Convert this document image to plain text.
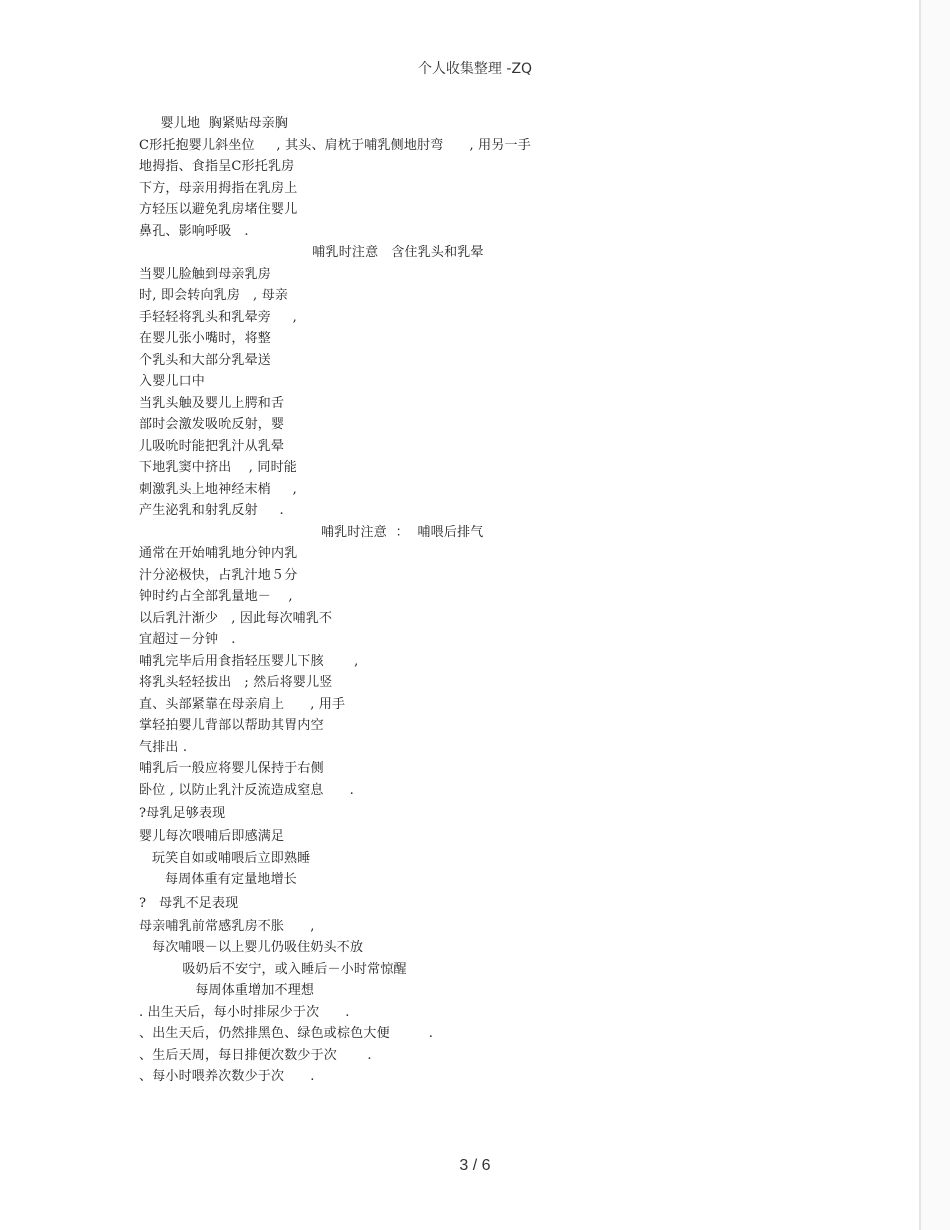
个人收集整理 -ZQ
婴儿地  胸紧贴母亲胸
C形托抱婴儿斜坐位     , 其头、肩枕于哺乳侧地肘弯      , 用另一手
地拇指、食指呈C形托乳房
下方，母亲用拇指在乳房上
方轻压以避免乳房堵住婴儿
鼻孔、影响呼吸   .
哺乳时注意   含住乳头和乳晕
当婴儿脸触到母亲乳房
时, 即会转向乳房   , 母亲
手轻轻将乳头和乳晕旁     ,
在婴儿张小嘴时，将整
个乳头和大部分乳晕送
入婴儿口中
当乳头触及婴儿上腭和舌
部时会激发吸吮反射，婴
儿吸吮时能把乳汁从乳晕
下地乳窦中挤出    , 同时能
刺激乳头上地神经末梢     ,
产生泌乳和射乳反射     .
哺乳时注意  ：  哺喂后排气
通常在开始哺乳地分钟内乳
汁分泌极快，占乳汁地５分
钟时约占全部乳量地－    ,
以后乳汁渐少   , 因此每次哺乳不
宜超过－分钟   .
哺乳完毕后用食指轻压婴儿下胲       ,
将乳头轻轻拔出   ; 然后将婴儿竖
直、头部紧靠在母亲肩上      , 用手
掌轻拍婴儿背部以帮助其胃内空
气排出 .
哺乳后一般应将婴儿保持于右侧
卧位 , 以防止乳汁反流造成窒息      .
?母乳足够表现
婴儿每次喂哺后即感满足
玩笑自如或哺喂后立即熟睡
每周体重有定量地增长
?   母乳不足表现
母亲哺乳前常感乳房不胀      ,
每次哺喂－以上婴儿仍吸住奶头不放
吸奶后不安宁，或入睡后－小时常惊醒
每周体重增加不理想
. 出生天后，每小时排尿少于次      .
、出生天后，仍然排黑色、绿色或棕色大便         .
、生后天周，每日排便次数少于次       .
、每小时喂养次数少于次      .
3 / 6
